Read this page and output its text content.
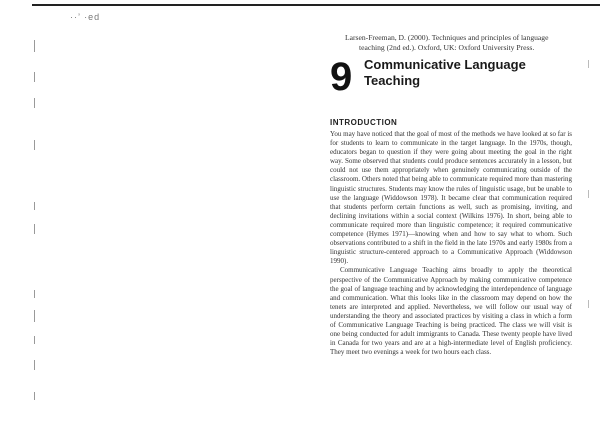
··’ ·ed
Larsen-Freeman, D. (2000). Techniques and principles of language
teaching (2nd ed.). Oxford, UK: Oxford University Press.
9 Communicative Language Teaching
INTRODUCTION

You may have noticed that the goal of most of the methods we have looked at so far is for students to learn to communicate in the target language. In the 1970s, though, educators began to question if they were going about meeting the goal in the right way. Some observed that students could produce sentences accurately in a lesson, but could not use them appropriately when genuinely communicating outside of the classroom. Others noted that being able to communicate required more than mastering linguistic structures. Students may know the rules of linguistic usage, but be unable to use the language (Widdowson 1978). It became clear that communication required that students perform certain functions as well, such as promising, inviting, and declining invitations within a social context (Wilkins 1976). In short, being able to communicate required more than linguistic competence; it required communicative competence (Hymes 1971)—knowing when and how to say what to whom. Such observations contributed to a shift in the field in the late 1970s and early 1980s from a linguistic structure-centered approach to a Communicative Approach (Widdowson 1990).

Communicative Language Teaching aims broadly to apply the theoretical perspective of the Communicative Approach by making communicative competence the goal of language teaching and by acknowledging the interdependence of language and communication. What this looks like in the classroom may depend on how the tenets are interpreted and applied. Nevertheless, we will follow our usual way of understanding the theory and associated practices by visiting a class in which a form of Communicative Language Teaching is being practiced. The class we will visit is one being conducted for adult immigrants to Canada. These twenty people have lived in Canada for two years and are at a high-intermediate level of English proficiency. They meet two evenings a week for two hours each class.
